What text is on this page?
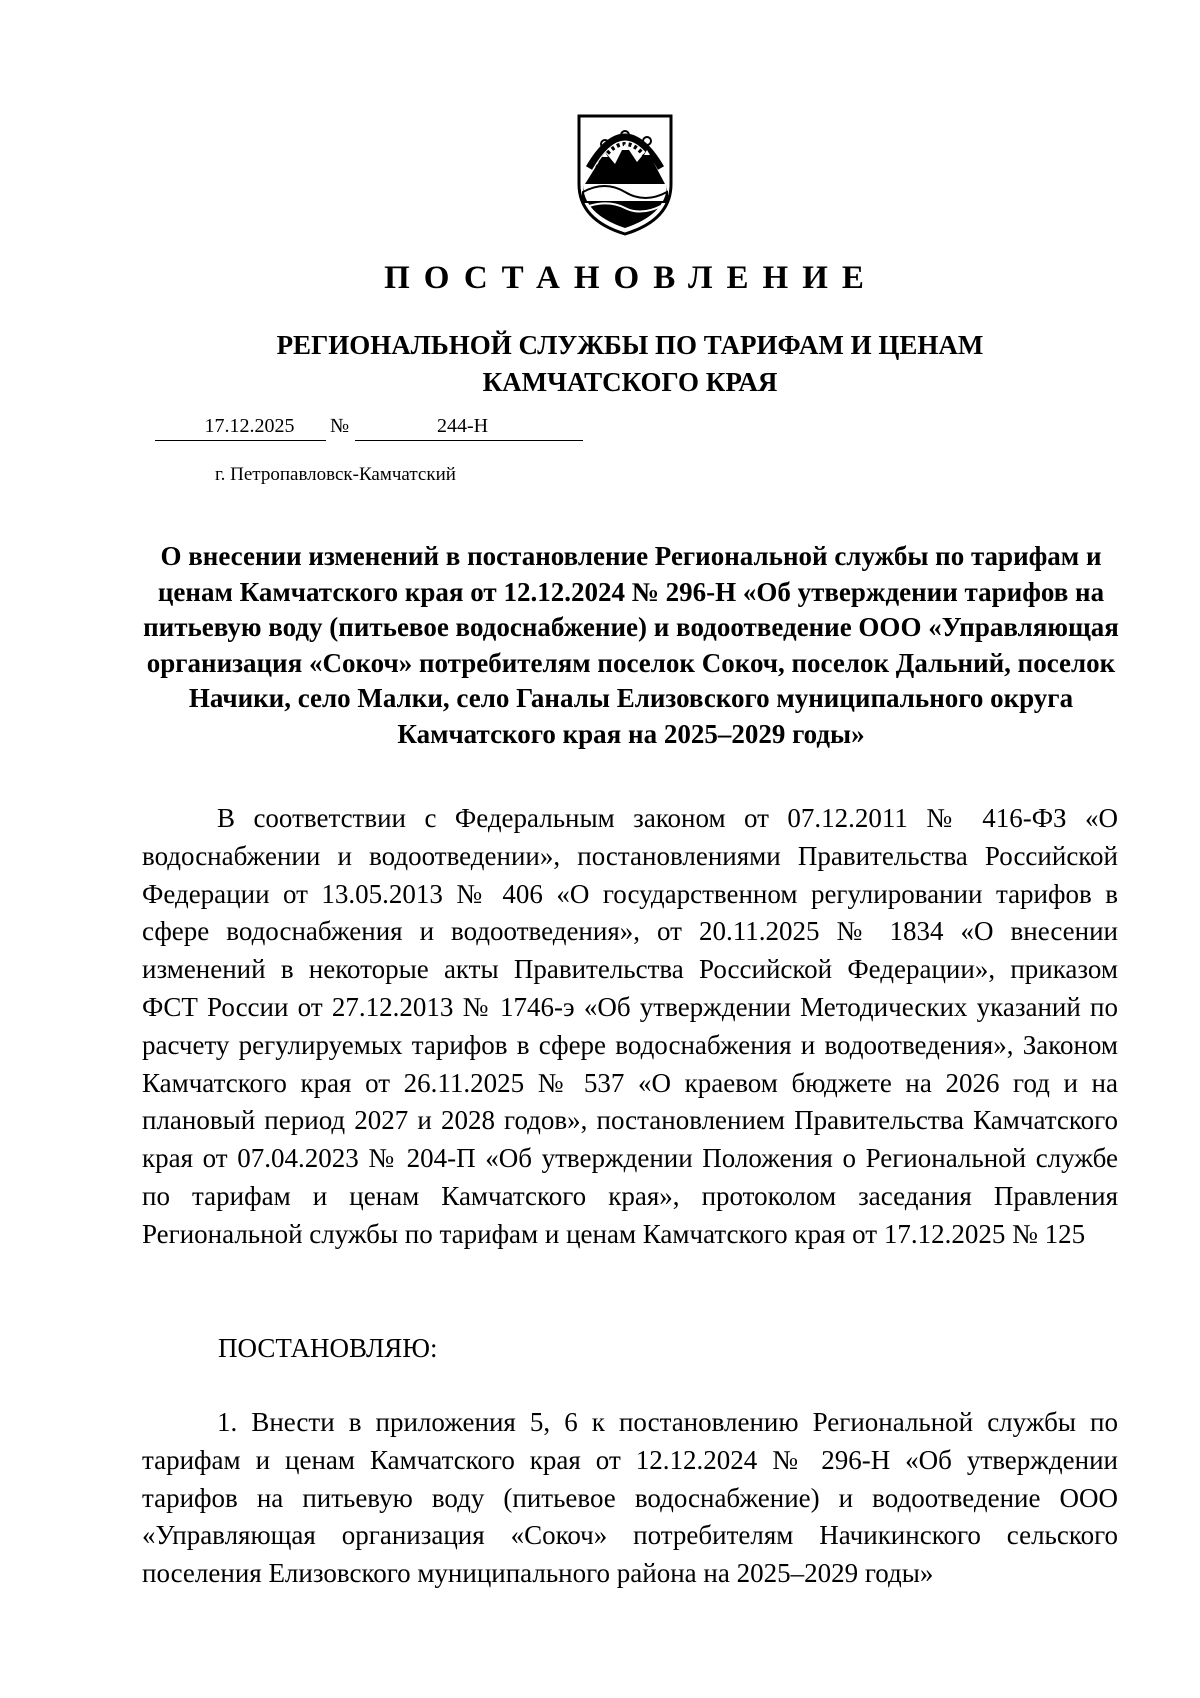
ПОСТАНОВЛЕНИЕ
РЕГИОНАЛЬНОЙ СЛУЖБЫ ПО ТАРИФАМ И ЦЕНАМ КАМЧАТСКОГО КРАЯ
17.12.2025	№	244-Н
г. Петропавловск-Камчатский
О внесении изменений в постановление Региональной службы по тарифам и ценам Камчатского края от 12.12.2024 № 296-Н «Об утверждении тарифов на питьевую воду (питьевое водоснабжение) и водоотведение ООО «Управляющая организация «Сокоч» потребителям поселок Сокоч, поселок Дальний, поселок Начики, село Малки, село Ганалы Елизовского муниципального округа Камчатского края на 2025–2029 годы»

В соответствии с Федеральным законом от 07.12.2011 № 416-ФЗ «О водоснабжении и водоотведении», постановлениями Правительства Российской Федерации от 13.05.2013 № 406 «О государственном регулировании тарифов в сфере водоснабжения и водоотведения», от 20.11.2025 № 1834 «О внесении изменений в некоторые акты Правительства Российской Федерации», приказом ФСТ России от 27.12.2013 № 1746-э «Об утверждении Методических указаний по расчету регулируемых тарифов в сфере водоснабжения и водоотведения», Законом Камчатского края от 26.11.2025 № 537 «О краевом бюджете на 2026 год и на плановый период 2027 и 2028 годов», постановлением Правительства Камчатского края от 07.04.2023 № 204-П «Об утверждении Положения о Региональной службе по тарифам и ценам Камчатского края», протоколом заседания Правления Региональной службы по тарифам и ценам Камчатского края от 17.12.2025 № 125

ПОСТАНОВЛЯЮ:

1. Внести в приложения 5, 6 к постановлению Региональной службы по тарифам и ценам Камчатского края от 12.12.2024 № 296-Н «Об утверждении тарифов на питьевую воду (питьевое водоснабжение) и водоотведение ООО «Управляющая организация «Сокоч» потребителям Начикинского сельского поселения Елизовского муниципального района на 2025–2029 годы»
